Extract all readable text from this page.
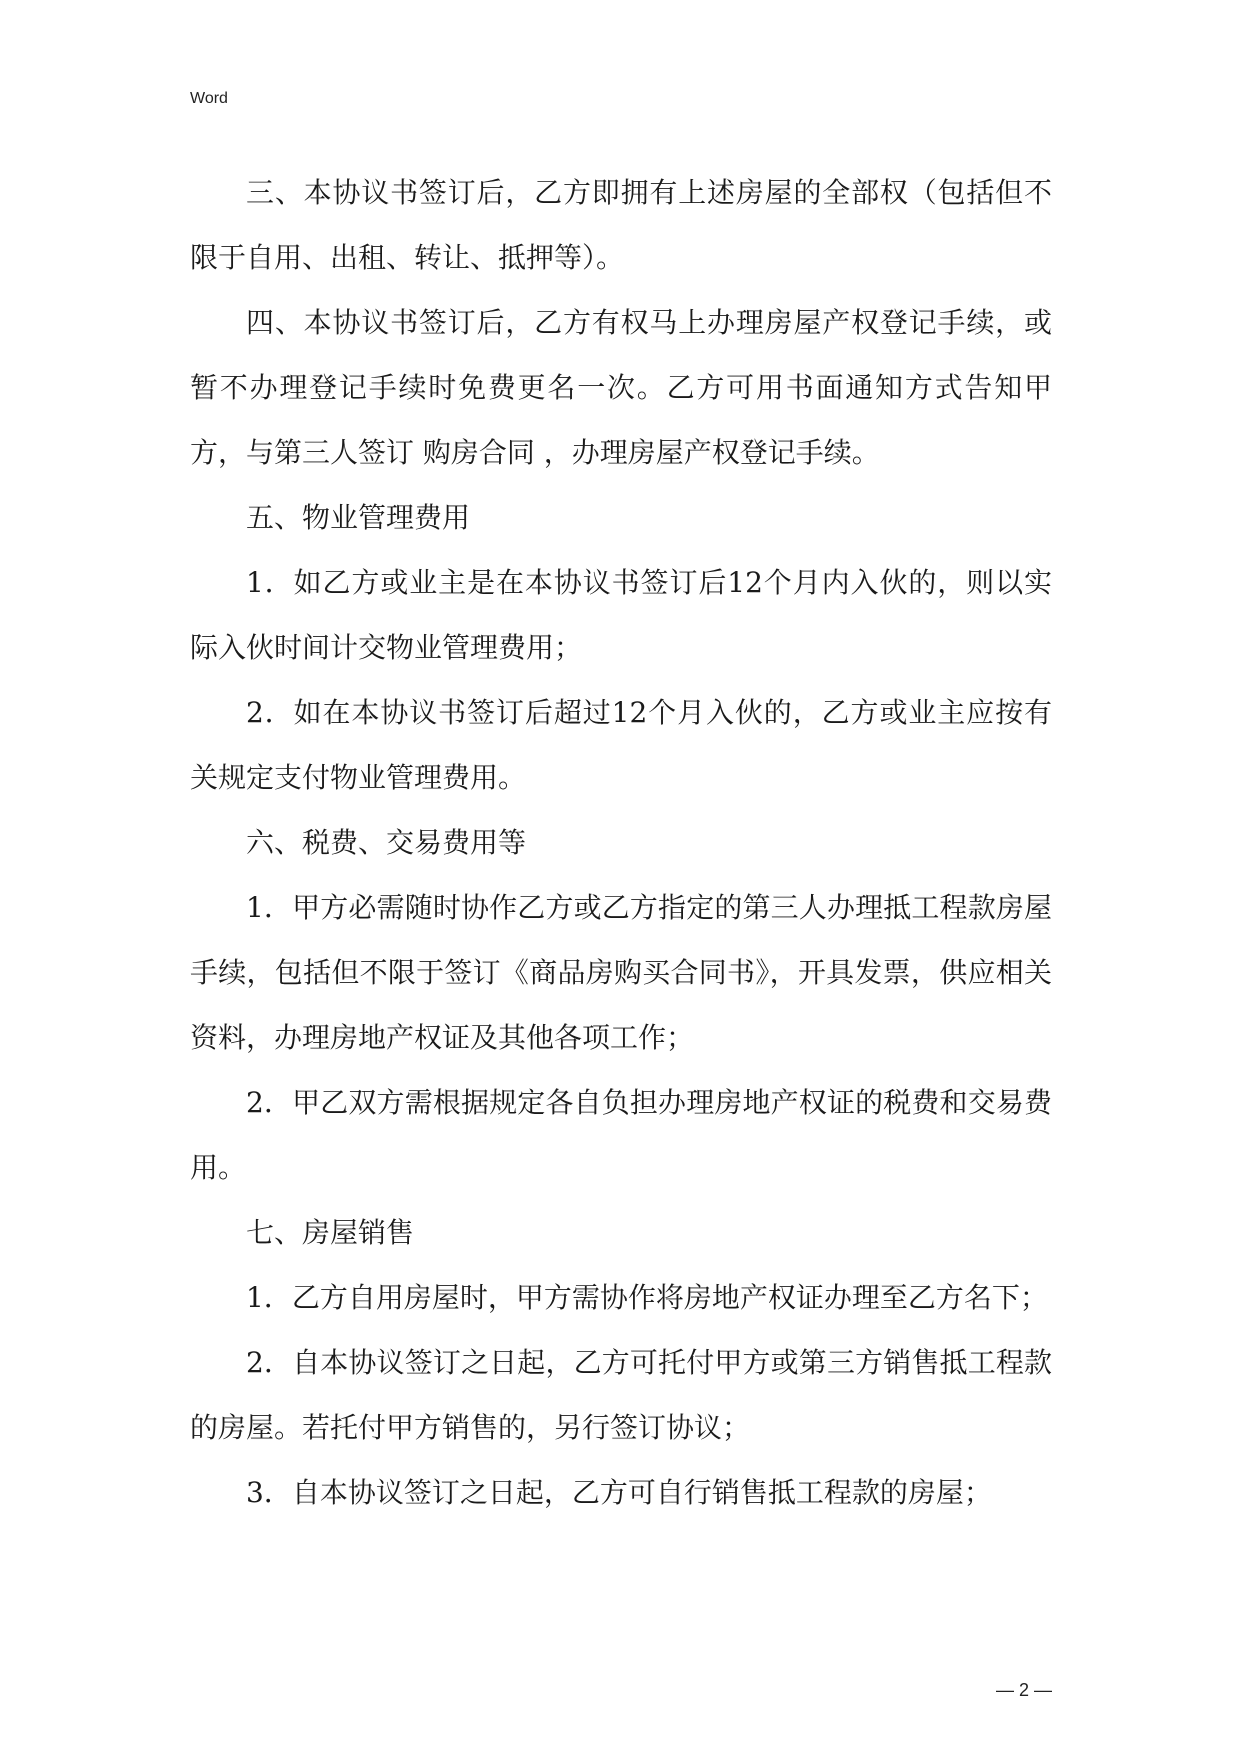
Word

三、本协议书签订后，乙方即拥有上述房屋的全部权（包括但不限于自用、出租、转让、抵押等）。

四、本协议书签订后，乙方有权马上办理房屋产权登记手续，或暂不办理登记手续时免费更名一次。乙方可用书面通知方式告知甲方，与第三人签订 购房合同 ，办理房屋产权登记手续。

五、物业管理费用

1．如乙方或业主是在本协议书签订后12个月内入伙的，则以实际入伙时间计交物业管理费用；

2．如在本协议书签订后超过12个月入伙的，乙方或业主应按有关规定支付物业管理费用。

六、税费、交易费用等

1．甲方必需随时协作乙方或乙方指定的第三人办理抵工程款房屋手续，包括但不限于签订《商品房购买合同书》，开具发票，供应相关资料，办理房地产权证及其他各项工作；

2．甲乙双方需根据规定各自负担办理房地产权证的税费和交易费用。

七、房屋销售

1．乙方自用房屋时，甲方需协作将房地产权证办理至乙方名下；

2．自本协议签订之日起，乙方可托付甲方或第三方销售抵工程款的房屋。若托付甲方销售的，另行签订协议；

3．自本协议签订之日起，乙方可自行销售抵工程款的房屋；

— 2 —
